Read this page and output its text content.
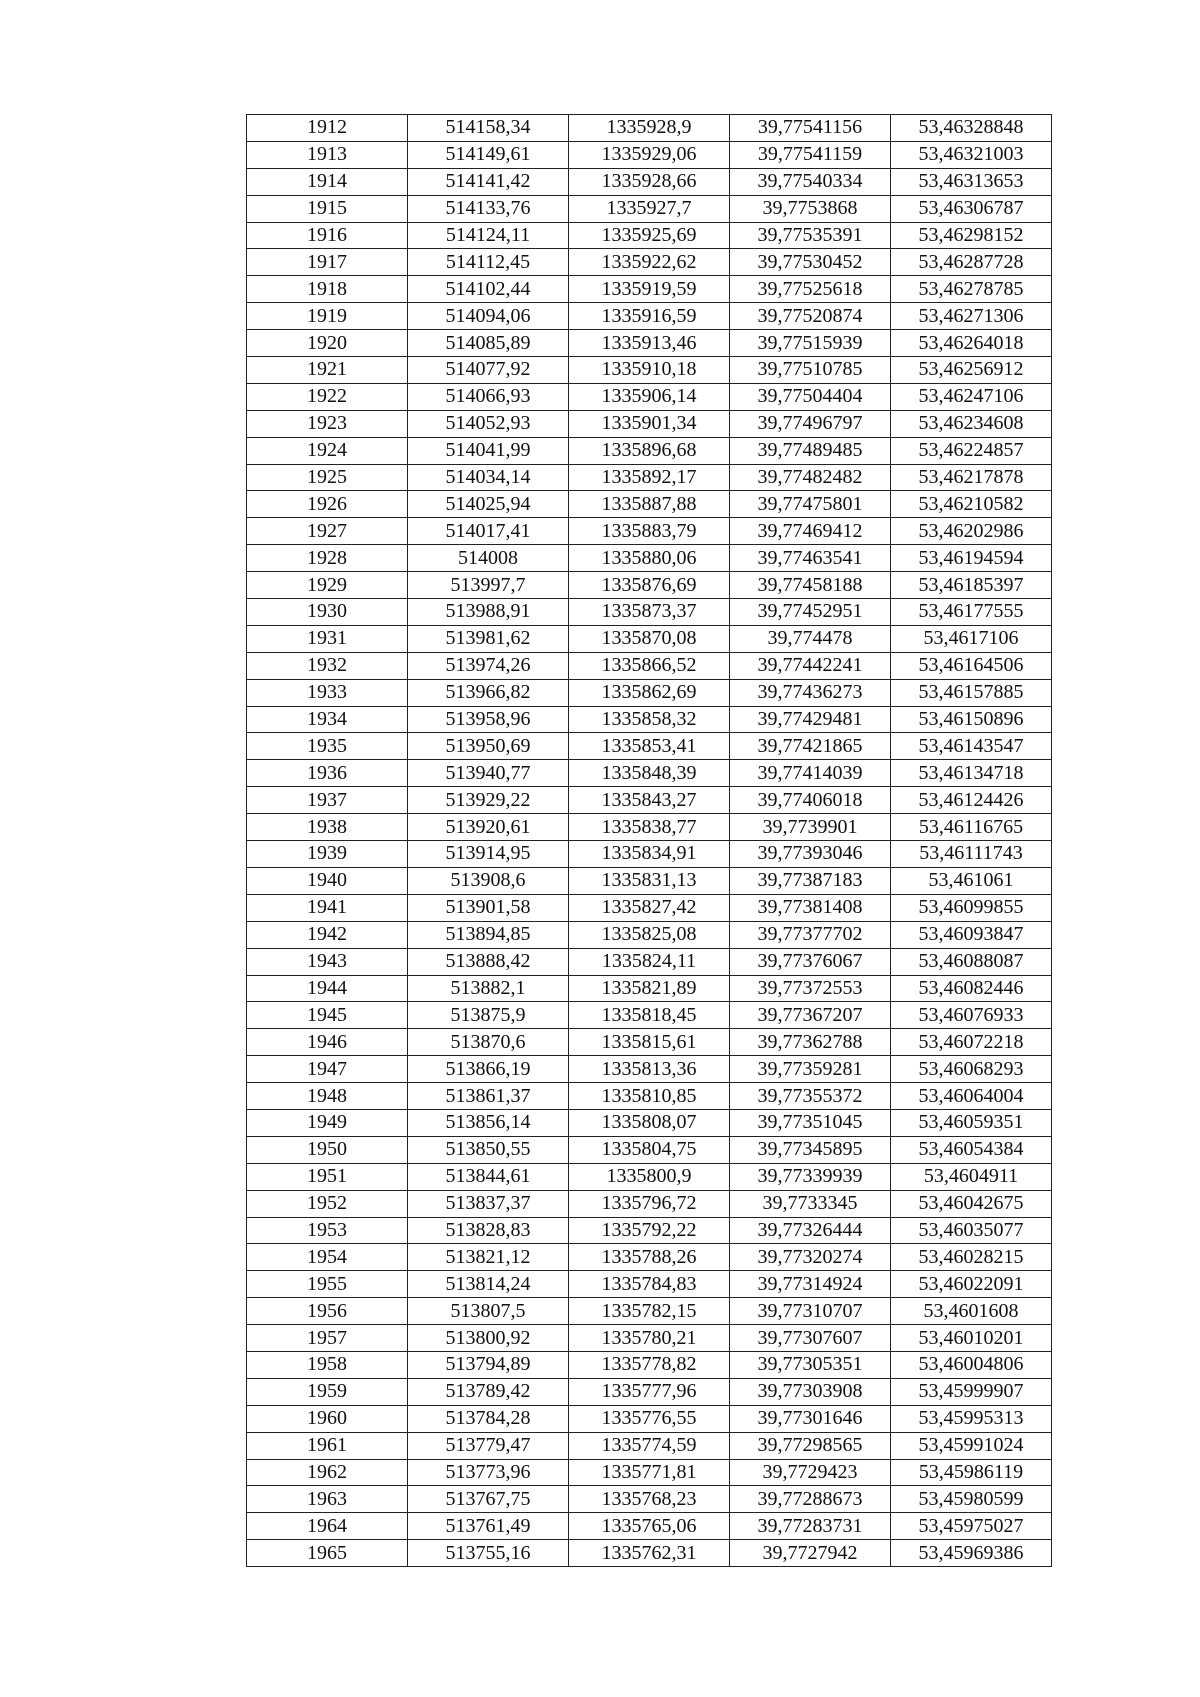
1912	514158,34	1335928,9	39,77541156	53,46328848
1913	514149,61	1335929,06	39,77541159	53,46321003
1914	514141,42	1335928,66	39,77540334	53,46313653
1915	514133,76	1335927,7	39,7753868	53,46306787
1916	514124,11	1335925,69	39,77535391	53,46298152
1917	514112,45	1335922,62	39,77530452	53,46287728
1918	514102,44	1335919,59	39,77525618	53,46278785
1919	514094,06	1335916,59	39,77520874	53,46271306
1920	514085,89	1335913,46	39,77515939	53,46264018
1921	514077,92	1335910,18	39,77510785	53,46256912
1922	514066,93	1335906,14	39,77504404	53,46247106
1923	514052,93	1335901,34	39,77496797	53,46234608
1924	514041,99	1335896,68	39,77489485	53,46224857
1925	514034,14	1335892,17	39,77482482	53,46217878
1926	514025,94	1335887,88	39,77475801	53,46210582
1927	514017,41	1335883,79	39,77469412	53,46202986
1928	514008	1335880,06	39,77463541	53,46194594
1929	513997,7	1335876,69	39,77458188	53,46185397
1930	513988,91	1335873,37	39,77452951	53,46177555
1931	513981,62	1335870,08	39,774478	53,4617106
1932	513974,26	1335866,52	39,77442241	53,46164506
1933	513966,82	1335862,69	39,77436273	53,46157885
1934	513958,96	1335858,32	39,77429481	53,46150896
1935	513950,69	1335853,41	39,77421865	53,46143547
1936	513940,77	1335848,39	39,77414039	53,46134718
1937	513929,22	1335843,27	39,77406018	53,46124426
1938	513920,61	1335838,77	39,7739901	53,46116765
1939	513914,95	1335834,91	39,77393046	53,46111743
1940	513908,6	1335831,13	39,77387183	53,461061
1941	513901,58	1335827,42	39,77381408	53,46099855
1942	513894,85	1335825,08	39,77377702	53,46093847
1943	513888,42	1335824,11	39,77376067	53,46088087
1944	513882,1	1335821,89	39,77372553	53,46082446
1945	513875,9	1335818,45	39,77367207	53,46076933
1946	513870,6	1335815,61	39,77362788	53,46072218
1947	513866,19	1335813,36	39,77359281	53,46068293
1948	513861,37	1335810,85	39,77355372	53,46064004
1949	513856,14	1335808,07	39,77351045	53,46059351
1950	513850,55	1335804,75	39,77345895	53,46054384
1951	513844,61	1335800,9	39,77339939	53,4604911
1952	513837,37	1335796,72	39,7733345	53,46042675
1953	513828,83	1335792,22	39,77326444	53,46035077
1954	513821,12	1335788,26	39,77320274	53,46028215
1955	513814,24	1335784,83	39,77314924	53,46022091
1956	513807,5	1335782,15	39,77310707	53,4601608
1957	513800,92	1335780,21	39,77307607	53,46010201
1958	513794,89	1335778,82	39,77305351	53,46004806
1959	513789,42	1335777,96	39,77303908	53,45999907
1960	513784,28	1335776,55	39,77301646	53,45995313
1961	513779,47	1335774,59	39,77298565	53,45991024
1962	513773,96	1335771,81	39,7729423	53,45986119
1963	513767,75	1335768,23	39,77288673	53,45980599
1964	513761,49	1335765,06	39,77283731	53,45975027
1965	513755,16	1335762,31	39,7727942	53,45969386
